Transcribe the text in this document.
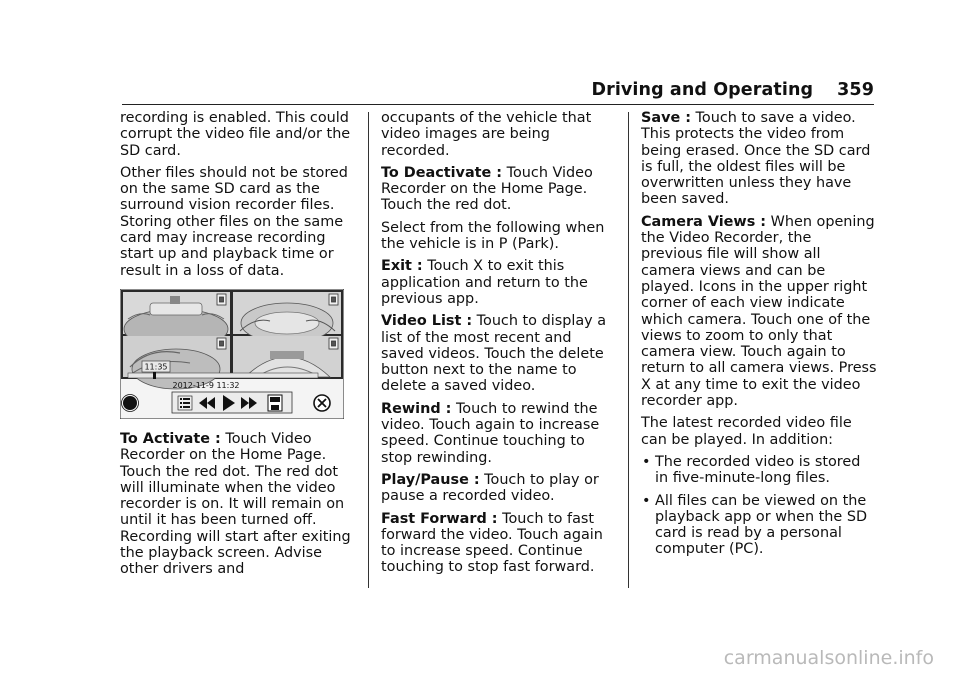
Driving and Operating 359

recording is enabled. This could corrupt the video file and/or the SD card.

Other files should not be stored on the same SD card as the surround vision recorder files. Storing other files on the same card may increase recording start up and playback time or result in a loss of data.

11:35
2012-11-9 11:32

To Activate : Touch Video Recorder on the Home Page. Touch the red dot. The red dot will illuminate when the video recorder is on. It will remain on until it has been turned off. Recording will start after exiting the playback screen. Advise other drivers and

occupants of the vehicle that video images are being recorded.

To Deactivate : Touch Video Recorder on the Home Page. Touch the red dot.

Select from the following when the vehicle is in P (Park).

Exit : Touch X to exit this application and return to the previous app.

Video List : Touch to display a list of the most recent and saved videos. Touch the delete button next to the name to delete a saved video.

Rewind : Touch to rewind the video. Touch again to increase speed. Continue touching to stop rewinding.

Play/Pause : Touch to play or pause a recorded video.

Fast Forward : Touch to fast forward the video. Touch again to increase speed. Continue touching to stop fast forward.

Save : Touch to save a video. This protects the video from being erased. Once the SD card is full, the oldest files will be overwritten unless they have been saved.

Camera Views : When opening the Video Recorder, the previous file will show all camera views and can be played. Icons in the upper right corner of each view indicate which camera. Touch one of the views to zoom to only that camera view. Touch again to return to all camera views. Press X at any time to exit the video recorder app.

The latest recorded video file can be played. In addition:

• The recorded video is stored in five-minute-long files.
• All files can be viewed on the playback app or when the SD card is read by a personal computer (PC).
carmanualsonline.info
